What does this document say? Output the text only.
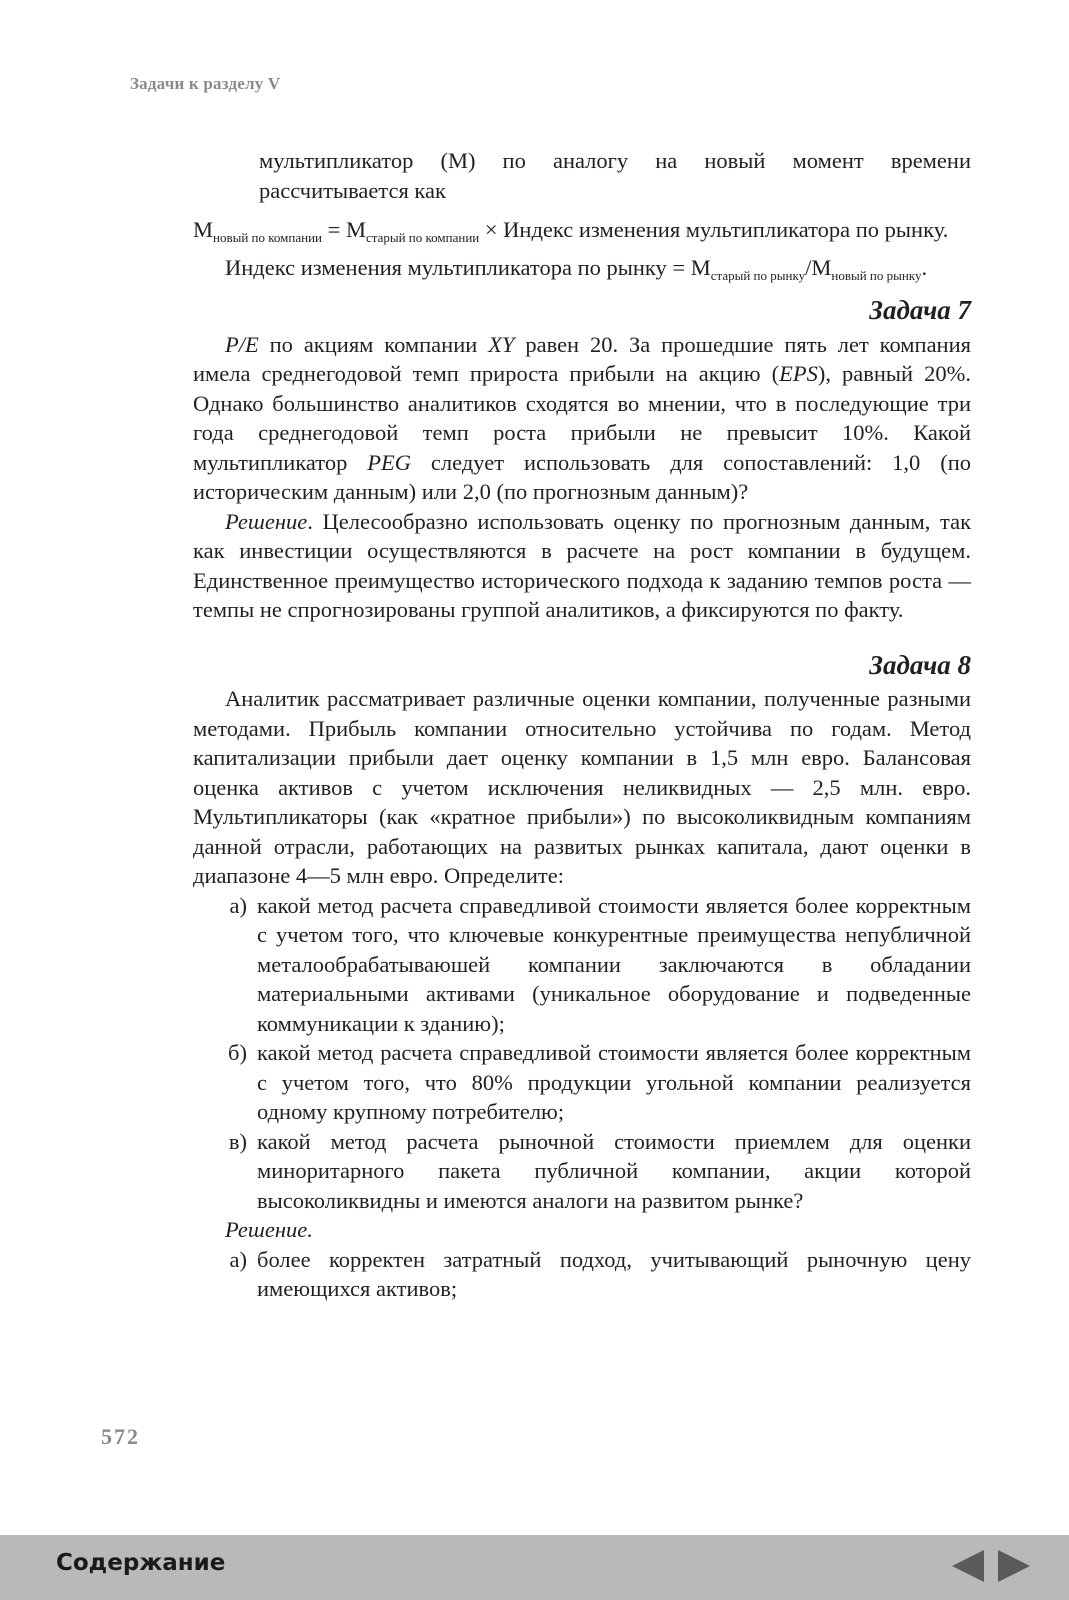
Задачи к разделу V

мультипликатор (М) по аналогу на новый момент времени рассчитывается как

$М_{новый по компании} = М_{старый по компании}$ × Индекс изменения мультипликатора по рынку.

Индекс изменения мультипликатора по рынку = $М_{старый по рынку}/М_{новый по рынку}$.

Задача 7

P/E по акциям компании XY равен 20. За прошедшие пять лет компания имела среднегодовой темп прироста прибыли на акцию (EPS), равный 20%. Однако большинство аналитиков сходятся во мнении, что в последующие три года среднегодовой темп роста прибыли не превысит 10%. Какой мультипликатор PEG следует использовать для сопоставлений: 1,0 (по историческим данным) или 2,0 (по прогнозным данным)?

Решение. Целесообразно использовать оценку по прогнозным данным, так как инвестиции осуществляются в расчете на рост компании в будущем. Единственное преимущество исторического подхода к заданию темпов роста — темпы не спрогнозированы группой аналитиков, а фиксируются по факту.

Задача 8

Аналитик рассматривает различные оценки компании, полученные разными методами. Прибыль компании относительно устойчива по годам. Метод капитализации прибыли дает оценку компании в 1,5 млн евро. Балансовая оценка активов с учетом исключения неликвидных — 2,5 млн. евро. Мультипликаторы (как «кратное прибыли») по высоколиквидным компаниям данной отрасли, работающих на развитых рынках капитала, дают оценки в диапазоне 4—5 млн евро. Определите:

а) какой метод расчета справедливой стоимости является более корректным с учетом того, что ключевые конкурентные преимущества непубличной металообрабатываюшей компании заключаются в обладании материальными активами (уникальное оборудование и подведенные коммуникации к зданию);
б) какой метод расчета справедливой стоимости является более корректным с учетом того, что 80% продукции угольной компании реализуется одному крупному потребителю;
в) какой метод расчета рыночной стоимости приемлем для оценки миноритарного пакета публичной компании, акции которой высоколиквидны и имеются аналоги на развитом рынке?

Решение.

а) более корректен затратный подход, учитывающий рыночную цену имеющихся активов;
572
Содержание
